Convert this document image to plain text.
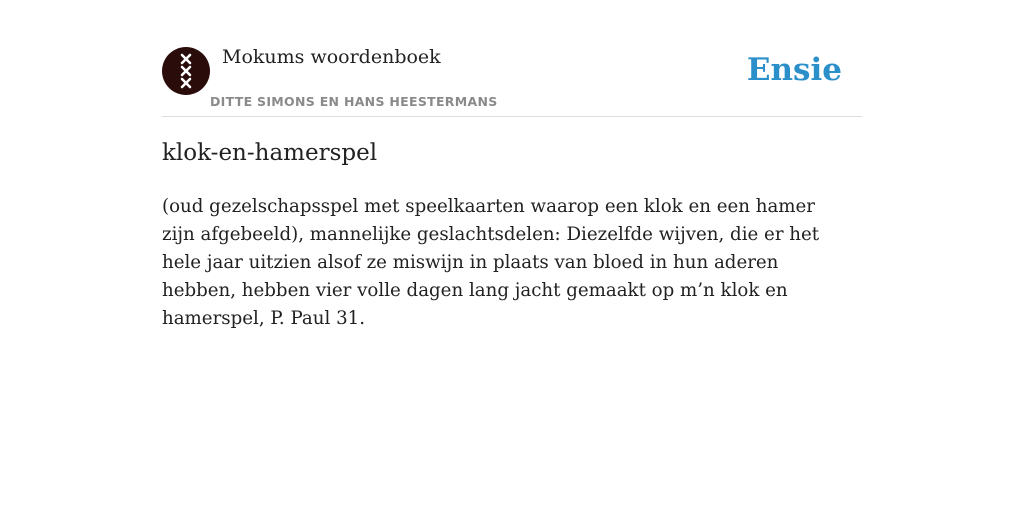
Mokums woordenboek
DITTE SIMONS EN HANS HEESTERMANS
Ensie
klok-en-hamerspel

(oud gezelschapsspel met speelkaarten waarop een klok en een hamer zijn afgebeeld), mannelijke geslachtsdelen: Diezelfde wijven, die er het hele jaar uitzien alsof ze miswijn in plaats van bloed in hun aderen hebben, hebben vier volle dagen lang jacht gemaakt op m’n klok en hamerspel, P. Paul 31.
